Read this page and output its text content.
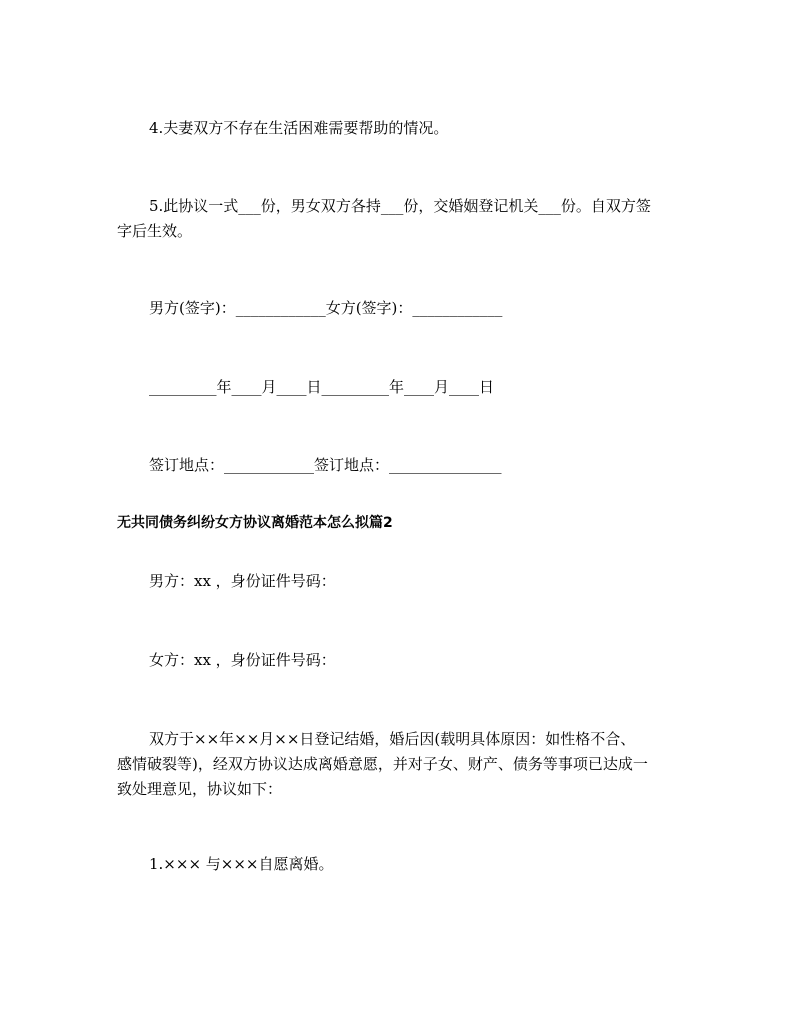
4.夫妻双方不存在生活困难需要帮助的情况。
5.此协议一式___份，男女双方各持___份，交婚姻登记机关___份。自双方签
字后生效。
男方(签字)：____________女方(签字)：____________
_________年____月____日_________年____月____日
签订地点：____________签订地点：_______________
无共同债务纠纷女方协议离婚范本怎么拟篇2
男方：xx ，身份证件号码：
女方：xx ，身份证件号码：
双方于××年××月××日登记结婚，婚后因(载明具体原因：如性格不合、
感情破裂等)，经双方协议达成离婚意愿，并对子女、财产、债务等事项已达成一
致处理意见，协议如下：
1.××× 与×××自愿离婚。
